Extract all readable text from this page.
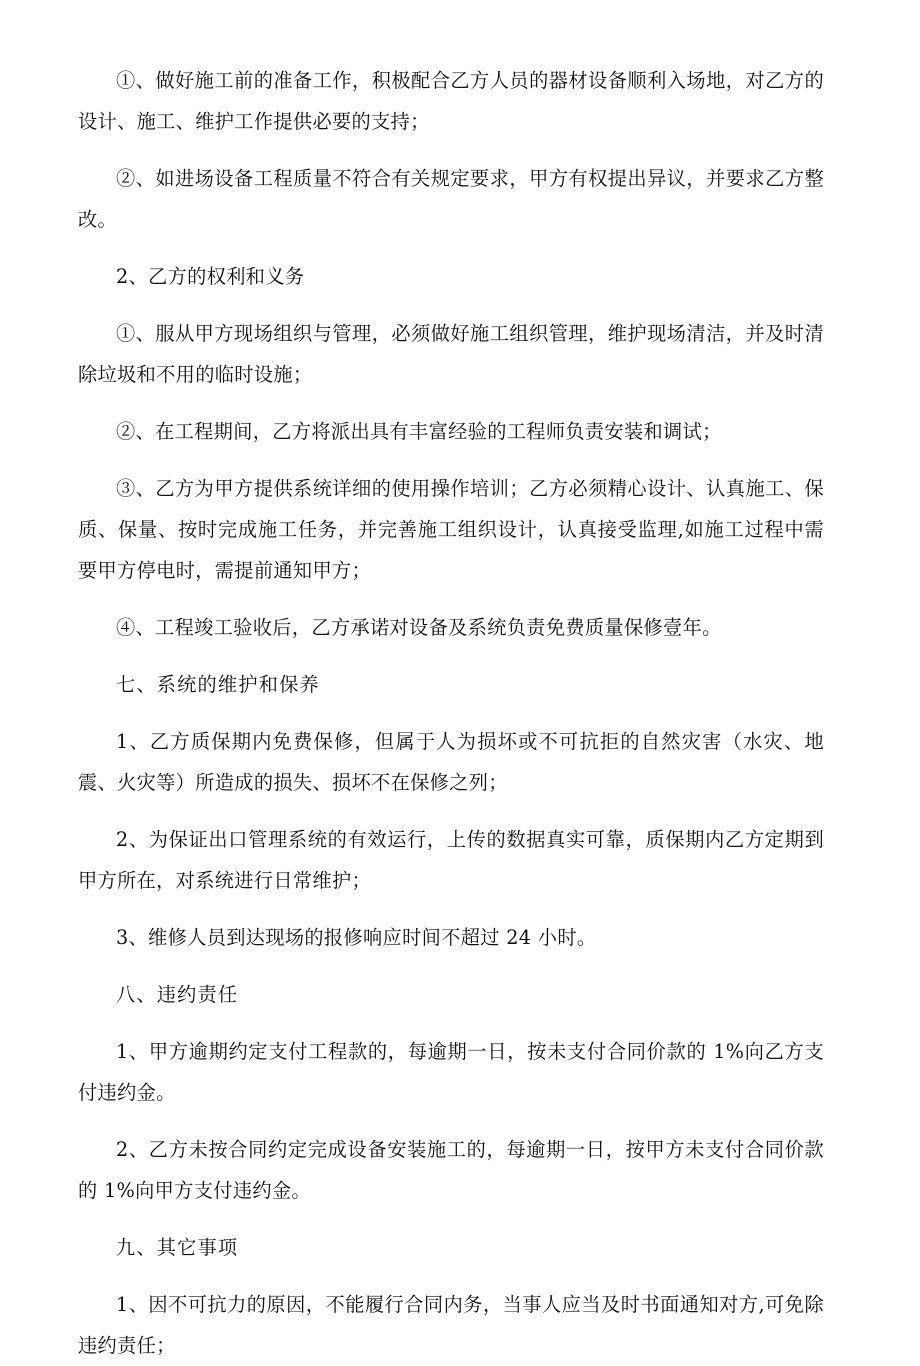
①、做好施工前的准备工作，积极配合乙方人员的器材设备顺利入场地，对乙方的设计、施工、维护工作提供必要的支持；

②、如进场设备工程质量不符合有关规定要求，甲方有权提出异议，并要求乙方整改。

2、乙方的权利和义务

①、服从甲方现场组织与管理，必须做好施工组织管理，维护现场清洁，并及时清除垃圾和不用的临时设施；

②、在工程期间，乙方将派出具有丰富经验的工程师负责安装和调试；

③、乙方为甲方提供系统详细的使用操作培训；乙方必须精心设计、认真施工、保质、保量、按时完成施工任务，并完善施工组织设计，认真接受监理,如施工过程中需要甲方停电时，需提前通知甲方；

④、工程竣工验收后，乙方承诺对设备及系统负责免费质量保修壹年。

七、系统的维护和保养

1、乙方质保期内免费保修，但属于人为损坏或不可抗拒的自然灾害（水灾、地震、火灾等）所造成的损失、损坏不在保修之列；

2、为保证出口管理系统的有效运行，上传的数据真实可靠，质保期内乙方定期到甲方所在，对系统进行日常维护；

3、维修人员到达现场的报修响应时间不超过 24 小时。

八、违约责任

1、甲方逾期约定支付工程款的，每逾期一日，按未支付合同价款的 1%向乙方支付违约金。

2、乙方未按合同约定完成设备安装施工的，每逾期一日，按甲方未支付合同价款的 1%向甲方支付违约金。

九、其它事项

1、因不可抗力的原因，不能履行合同内务，当事人应当及时书面通知对方,可免除违约责任；
